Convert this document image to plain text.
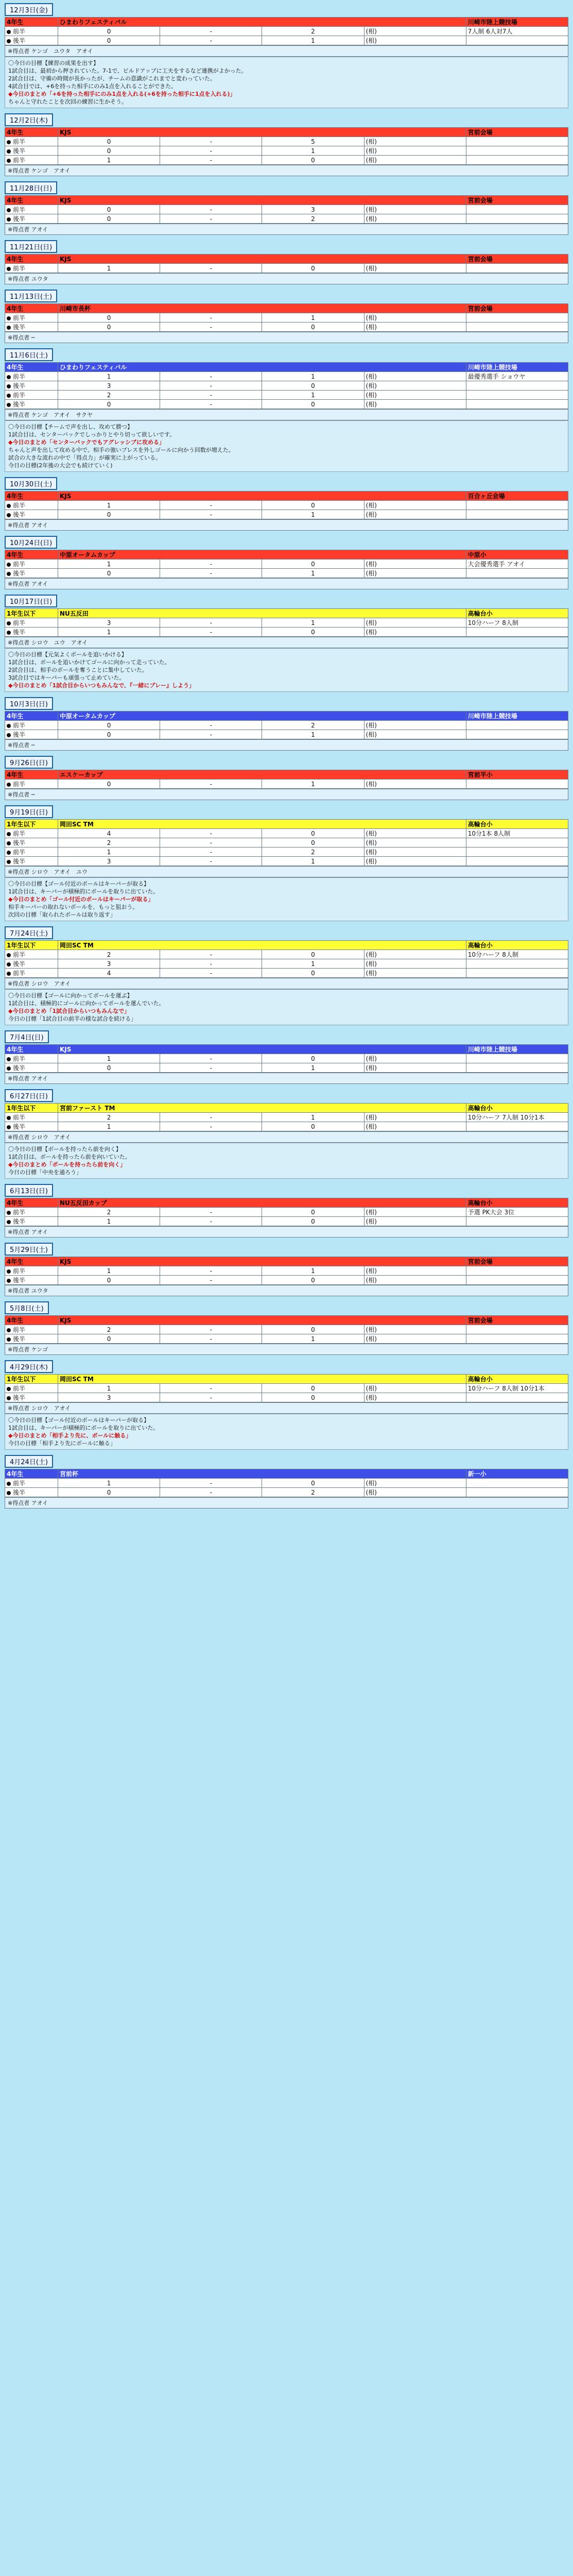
12月3日(金)
4年生	ひまわりフェスティバル				川崎市陸上競技場
前半	0	-	2	(相)	7人制 6人対7人
後半	0	-	1	(相)	
※得点者 ケンゴ　ユウタ　アオイ

〇今日の目標【練習の成果を出す】

1試合目は、最初から押されていた。7-1で、ビルドアップに工夫をするなど連携がよかった。

2試合目は、守備の時間が長かったが、チームの意識がこれまでと変わっていた。

4試合目では、+6を持った相手にのみ1点を入れることができた。

◆今日のまとめ「+6を持った相手にのみ1点を入れる(+6を持った相手に1点を入れる)」

ちゃんと守れたことを次回の練習に生かそう。

12月2日(木)
4年生	KJS				宮前会場
前半	0	-	5	(相)	
後半	0	-	1	(相)	
前半	1	-	0	(相)	
※得点者 ケンゴ　アオイ
11月28日(日)
4年生	KJS				宮前会場
前半	0	-	3	(相)	
後半	0	-	2	(相)	
※得点者 アオイ
11月21日(日)
4年生	KJS				宮前会場
前半	1	-	0	(相)	
※得点者 ユウタ
11月13日(土)
4年生	川崎市長杯				宮前会場
前半	0	-	1	(相)	
後半	0	-	0	(相)	
※得点者 ─
11月6日(土)
4年生	ひまわりフェスティバル				川崎市陸上競技場
前半	1	-	1	(相)	最優秀選手 ショウヤ
後半	3	-	0	(相)	
前半	2	-	1	(相)	
後半	0	-	0	(相)	
※得点者 ケンゴ　アオイ　サクヤ

〇今日の目標【チームで声を出し、攻めて勝つ】

1試合目は、センターバックでしっかりとやり切って欲しいです。

◆今日のまとめ「センターバックでもアグレッシブに攻める」

ちゃんと声を出して攻める中で、相手の強いプレスを外しゴールに向かう回数が増えた。

試合の大きな流れの中で「得点力」が確実に上がっている。

今日の目標(2年後の大会でも続けていく)

10月30日(土)
4年生	KJS				百合ヶ丘会場
前半	1	-	0	(相)	
後半	0	-	1	(相)	
※得点者 アオイ
10月24日(日)
4年生	中原オータムカップ				中原小
前半	1	-	0	(相)	大会優秀選手 アオイ
後半	0	-	1	(相)	
※得点者 アオイ
10月17日(日)
1年生以下	NU五反田				高輪台小
前半	3	-	1	(相)	10分ハーフ 8人制
後半	1	-	0	(相)	
※得点者 シロウ　ユウ　アオイ

〇今日の目標【元気よくボールを追いかける】

1試合目は、ボールを追いかけてゴールに向かって走っていた。

2試合目は、相手のボールを奪うことに集中していた。

3試合目ではキーパーも頑張って止めていた。

◆今日のまとめ「1試合目からいつもみんなで、『一緒にプレー』しよう」

10月3日(日)
4年生	中原オータムカップ				川崎市陸上競技場
前半	0	-	2	(相)	
後半	0	-	1	(相)	
※得点者 ─
9月26日(日)
4年生	エスケーカップ				宮前平小
前半	0	-	1	(相)	
※得点者 ─
9月19日(日)
1年生以下	岡田SC TM				高輪台小
前半	4	-	0	(相)	10分1本 8人制
後半	2	-	0	(相)	
前半	1	-	2	(相)	
後半	3	-	1	(相)	
※得点者 シロウ　アオイ　ユウ

〇今日の目標【ゴール付近のボールはキーパーが取る】

1試合目は、キーパーが積極的にボールを取りに出ていた。

◆今日のまとめ「ゴール付近のボールはキーパーが取る」

相手キーパーの取れないボールを、もっと狙おう。

次回の目標「取られたボールは取り返す」

7月24日(土)
1年生以下	岡田SC TM				高輪台小
前半	2	-	0	(相)	10分ハーフ 8人制
後半	3	-	1	(相)	
前半	4	-	0	(相)	
※得点者 シロウ　アオイ

〇今日の目標【ゴールに向かってボールを運ぶ】

1試合目は、積極的にゴールに向かってボールを運んでいた。

◆今日のまとめ「1試合目からいつもみんなで」

今日の目標「1試合目の前半の様な試合を続ける」

7月4日(日)
4年生	KJS				川崎市陸上競技場
前半	1	-	0	(相)	
後半	0	-	1	(相)	
※得点者 アオイ
6月27日(日)
1年生以下	宮前ファースト TM				高輪台小
前半	2	-	1	(相)	10分ハーフ 7人制 10分1本
後半	1	-	0	(相)	
※得点者 シロウ　アオイ

〇今日の目標【ボールを持ったら前を向く】

1試合目は、ボールを持ったら前を向いていた。

◆今日のまとめ「ボールを持ったら前を向く」

今日の目標「中央を通ろう」

6月13日(日)
4年生	NU五反田カップ				高輪台小
前半	2	-	0	(相)	予選 PK大会 3位
後半	1	-	0	(相)	
※得点者 アオイ
5月29日(土)
4年生	KJS				宮前会場
前半	1	-	1	(相)	
後半	0	-	0	(相)	
※得点者 ユウタ
5月8日(土)
4年生	KJS				宮前会場
前半	2	-	0	(相)	
後半	0	-	1	(相)	
※得点者 ケンゴ
4月29日(木)
1年生以下	岡田SC TM				高輪台小
前半	1	-	0	(相)	10分ハーフ 8人制 10分1本
後半	3	-	0	(相)	
※得点者 シロウ　アオイ

〇今日の目標【ゴール付近のボールはキーパーが取る】

1試合目は、キーパーが積極的にボールを取りに出ていた。

◆今日のまとめ「相手より先に、ボールに触る」

今日の目標「相手より先にボールに触る」

4月24日(土)
4年生	宮前杯				新一小
前半	1	-	0	(相)	
後半	0	-	2	(相)	
※得点者 アオイ
